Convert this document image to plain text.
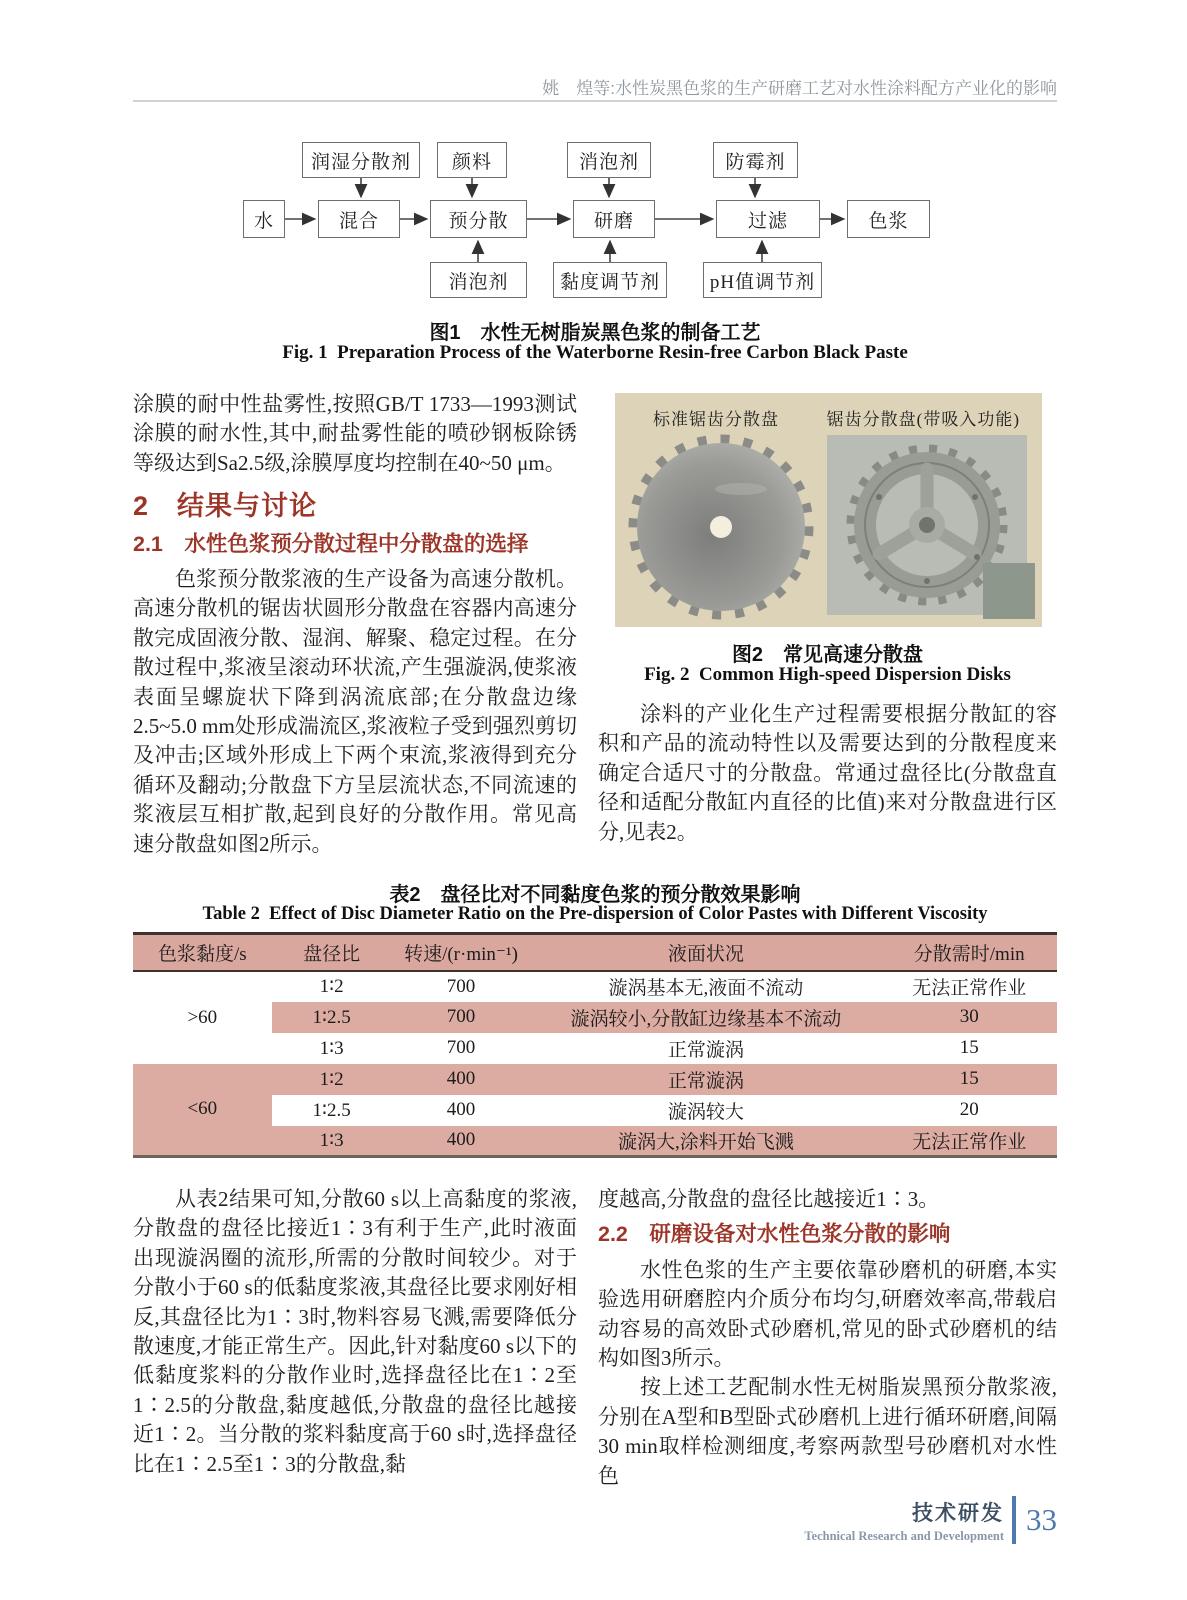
姚　煌等:水性炭黑色浆的生产研磨工艺对水性涂料配方产业化的影响
润湿分散剂	颜料	消泡剂	防霉剂
水	混合	预分散	研磨	过滤	色浆
消泡剂	黏度调节剂	pH值调节剂
图1　水性无树脂炭黑色浆的制备工艺
Fig. 1  Preparation Process of the Waterborne Resin-free Carbon Black Paste

涂膜的耐中性盐雾性,按照GB/T 1733—1993测试涂膜的耐水性,其中,耐盐雾性能的喷砂钢板除锈等级达到Sa2.5级,涂膜厚度均控制在40~50 μm。

2　结果与讨论
2.1　水性色浆预分散过程中分散盘的选择

色浆预分散浆液的生产设备为高速分散机。高速分散机的锯齿状圆形分散盘在容器内高速分散完成固液分散、湿润、解聚、稳定过程。在分散过程中,浆液呈滚动环状流,产生强漩涡,使浆液表面呈螺旋状下降到涡流底部;在分散盘边缘2.5~5.0 mm处形成湍流区,浆液粒子受到强烈剪切及冲击;区域外形成上下两个束流,浆液得到充分循环及翻动;分散盘下方呈层流状态,不同流速的浆液层互相扩散,起到良好的分散作用。常见高速分散盘如图2所示。

标准锯齿分散盘	锯齿分散盘(带吸入功能)
图2　常见高速分散盘
Fig. 2  Common High-speed Dispersion Disks

涂料的产业化生产过程需要根据分散缸的容积和产品的流动特性以及需要达到的分散程度来确定合适尺寸的分散盘。常通过盘径比(分散盘直径和适配分散缸内直径的比值)来对分散盘进行区分,见表2。

表2　盘径比对不同黏度色浆的预分散效果影响
Table 2  Effect of Disc Diameter Ratio on the Pre-dispersion of Color Pastes with Different Viscosity
色浆黏度/s	盘径比	转速/(r·min⁻¹)	液面状况	分散需时/min
>60	1∶2	700	漩涡基本无,液面不流动	无法正常作业
	1∶2.5	700	漩涡较小,分散缸边缘基本不流动	30
	1∶3	700	正常漩涡	15
<60	1∶2	400	正常漩涡	15
	1∶2.5	400	漩涡较大	20
	1∶3	400	漩涡大,涂料开始飞溅	无法正常作业

从表2结果可知,分散60 s以上高黏度的浆液,分散盘的盘径比接近1∶3有利于生产,此时液面出现漩涡圈的流形,所需的分散时间较少。对于分散小于60 s的低黏度浆液,其盘径比要求刚好相反,其盘径比为1∶3时,物料容易飞溅,需要降低分散速度,才能正常生产。因此,针对黏度60 s以下的低黏度浆料的分散作业时,选择盘径比在1∶2至1∶2.5的分散盘,黏度越低,分散盘的盘径比越接近1∶2。当分散的浆料黏度高于60 s时,选择盘径比在1∶2.5至1∶3的分散盘,黏

度越高,分散盘的盘径比越接近1∶3。

2.2　研磨设备对水性色浆分散的影响

水性色浆的生产主要依靠砂磨机的研磨,本实验选用研磨腔内介质分布均匀,研磨效率高,带载启动容易的高效卧式砂磨机,常见的卧式砂磨机的结构如图3所示。

按上述工艺配制水性无树脂炭黑预分散浆液,分别在A型和B型卧式砂磨机上进行循环研磨,间隔30 min取样检测细度,考察两款型号砂磨机对水性色

技术研发
Technical Research and Development 33
